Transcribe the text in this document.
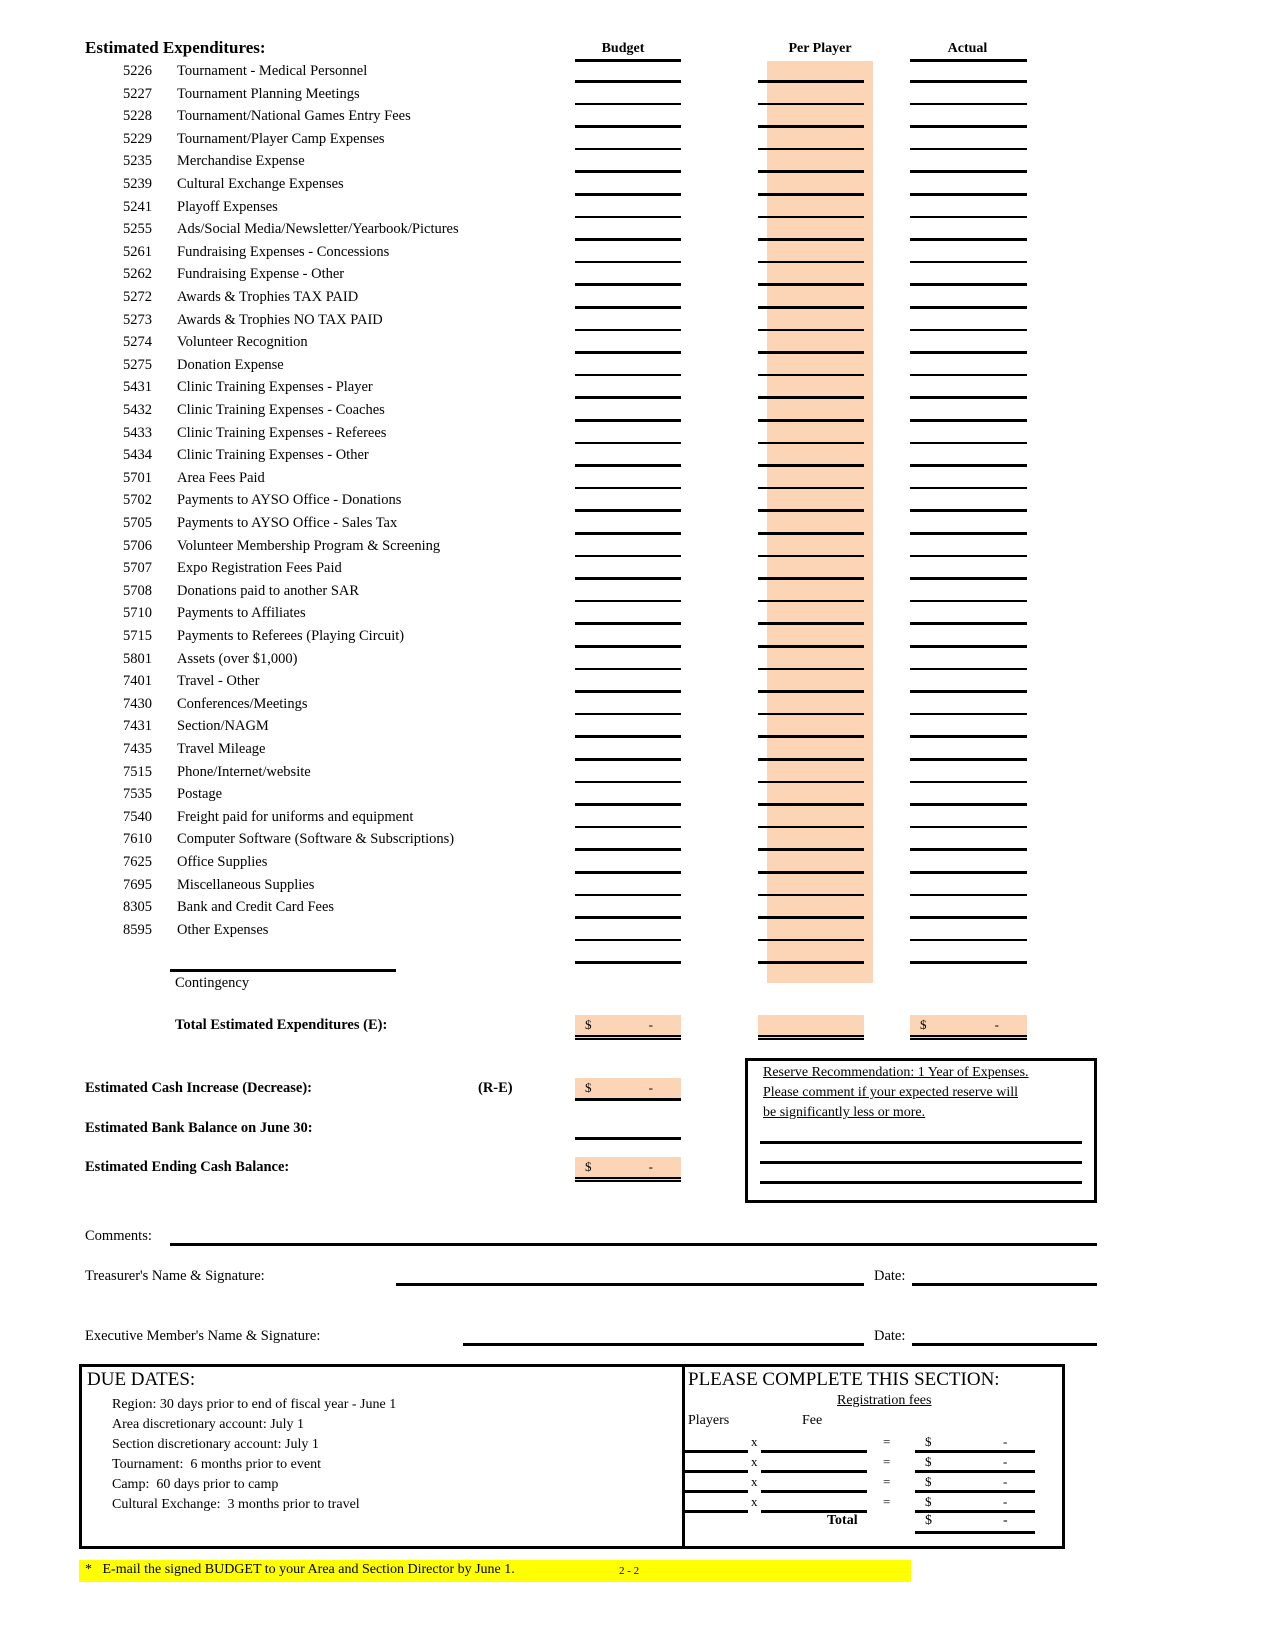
Estimated Expenditures:	Budget	Per Player	Actual
5226 Tournament - Medical Personnel
5227 Tournament Planning Meetings
5228 Tournament/National Games Entry Fees
5229 Tournament/Player Camp Expenses
5235 Merchandise Expense
5239 Cultural Exchange Expenses
5241 Playoff Expenses
5255 Ads/Social Media/Newsletter/Yearbook/Pictures
5261 Fundraising Expenses - Concessions
5262 Fundraising Expense - Other
5272 Awards & Trophies TAX PAID
5273 Awards & Trophies NO TAX PAID
5274 Volunteer Recognition
5275 Donation Expense
5431 Clinic Training Expenses - Player
5432 Clinic Training Expenses - Coaches
5433 Clinic Training Expenses - Referees
5434 Clinic Training Expenses - Other
5701 Area Fees Paid
5702 Payments to AYSO Office - Donations
5705 Payments to AYSO Office - Sales Tax
5706 Volunteer Membership Program & Screening
5707 Expo Registration Fees Paid
5708 Donations paid to another SAR
5710 Payments to Affiliates
5715 Payments to Referees (Playing Circuit)
5801 Assets (over $1,000)
7401 Travel - Other
7430 Conferences/Meetings
7431 Section/NAGM
7435 Travel Mileage
7515 Phone/Internet/website
7535 Postage
7540 Freight paid for uniforms and equipment
7610 Computer Software (Software & Subscriptions)
7625 Office Supplies
7695 Miscellaneous Supplies
8305 Bank and Credit Card Fees
8595 Other Expenses
Contingency
Total Estimated Expenditures (E):	$	-	$	-
Estimated Cash Increase (Decrease):	(R-E)	$	-
Estimated Bank Balance on June 30:
Estimated Ending Cash Balance:	$	-
Reserve Recommendation: 1 Year of Expenses.
Please comment if your expected reserve will
be significantly less or more.
Comments:
Treasurer's Name & Signature:	Date:
Executive Member's Name & Signature:	Date:
DUE DATES:
Region: 30 days prior to end of fiscal year - June 1
Area discretionary account: July 1
Section discretionary account: July 1
Tournament:  6 months prior to event
Camp:  60 days prior to camp
Cultural Exchange:  3 months prior to travel
PLEASE COMPLETE THIS SECTION:
Registration fees
Players	Fee
x	=	$	-
x	=	$	-
x	=	$	-
x	=	$	-
Total	$	-
*   E-mail the signed BUDGET to your Area and Section Director by June 1.	2 - 2
